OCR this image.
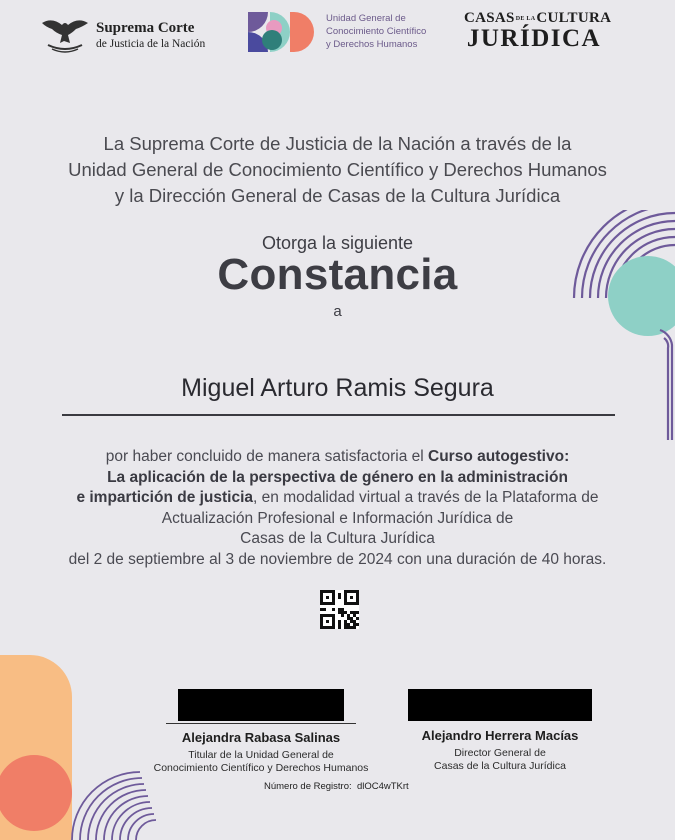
Suprema Corte
de Justicia de la Nación
Unidad General de
Conocimiento Científico
y Derechos Humanos
CASASDE LACULTURA
JURÍDICA
La Suprema Corte de Justicia de la Nación a través de la
Unidad General de Conocimiento Científico y Derechos Humanos
y la Dirección General de Casas de la Cultura Jurídica
Otorga la siguiente
Constancia
a
Miguel Arturo Ramis Segura
por haber concluido de manera satisfactoria el Curso autogestivo:
La aplicación de la perspectiva de género en la administración
e impartición de justicia, en modalidad virtual a través de la Plataforma de
Actualización Profesional e Información Jurídica de
Casas de la Cultura Jurídica
del 2 de septiembre al 3 de noviembre de 2024 con una duración de 40 horas.
Alejandra Rabasa Salinas
Titular de la Unidad General de
Conocimiento Científico y Derechos Humanos
Alejandro Herrera Macías
Director General de
Casas de la Cultura Jurídica
Número de Registro: dlOC4wTKrt
